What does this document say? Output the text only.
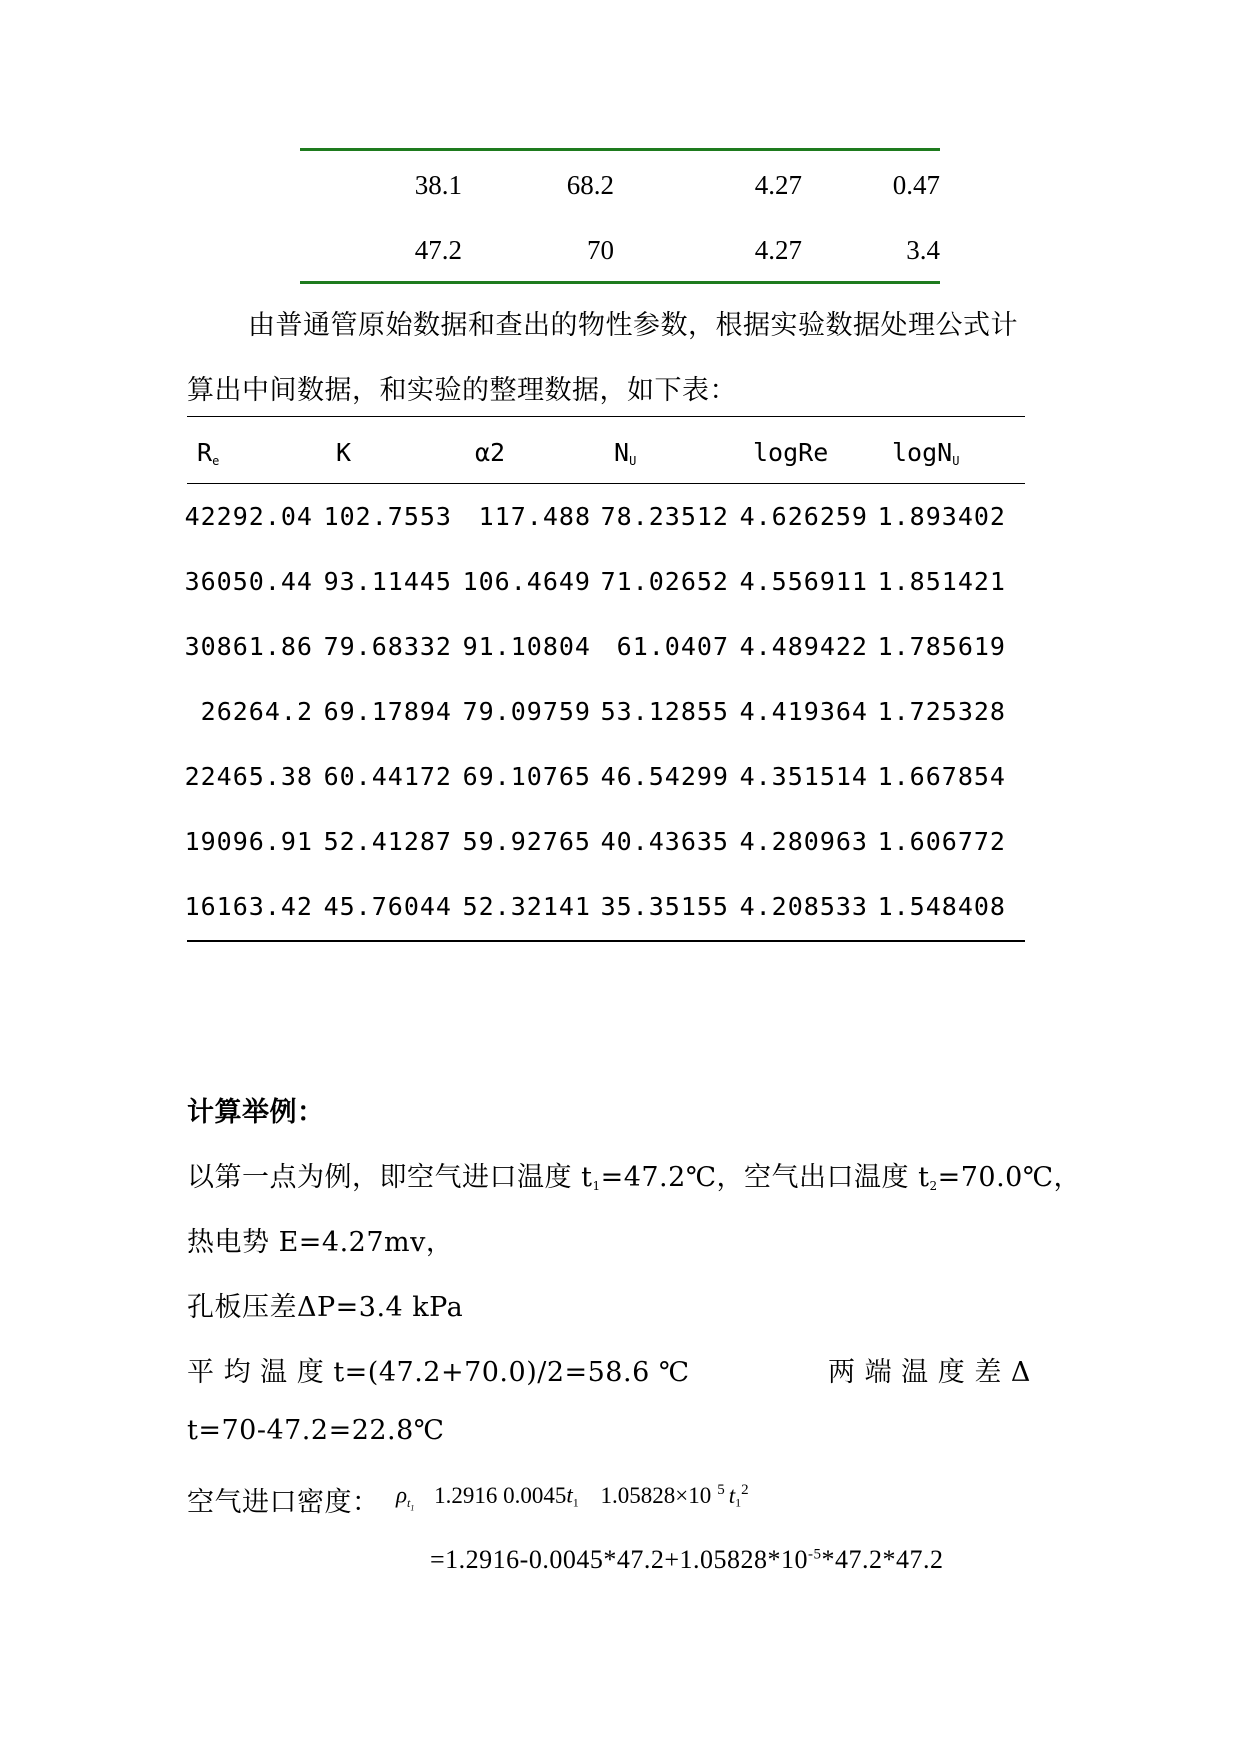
38.1	68.2	4.27	0.47
47.2	70	4.27	3.4
由普通管原始数据和查出的物性参数，根据实验数据处理公式计
算出中间数据，和实验的整理数据，如下表：
$R_e$	K	α2	$N_U$	logRe	logN$_U$
42292.04 102.7553 117.488 78.23512 4.626259 1.893402
36050.44 93.11445 106.4649 71.02652 4.556911 1.851421
30861.86 79.68332 91.10804 61.0407 4.489422 1.785619
26264.2 69.17894 79.09759 53.12855 4.419364 1.725328
22465.38 60.44172 69.10765 46.54299 4.351514 1.667854
19096.91 52.41287 59.92765 40.43635 4.280963 1.606772
16163.42 45.76044 52.32141 35.35155 4.208533 1.548408
计算举例：
以第一点为例，即空气进口温度 $t_1=47.2℃$，空气出口温度 $t_2=70.0℃$，
热电势 E=4.27mv，
孔板压差ΔP=3.4 kPa
平 均 温 度 t=(47.2+70.0)/2=58.6 ℃	两 端 温 度 差 Δ
t=70-47.2=22.8℃
空气进口密度： $\rho_{t_1}$ 1.2916 $0.0045t_1$ 1.05828×10 $^5$ $t_1^2$
$=1.2916-0.0045*47.2+1.05828*10^{-5}*47.2*47.2$
